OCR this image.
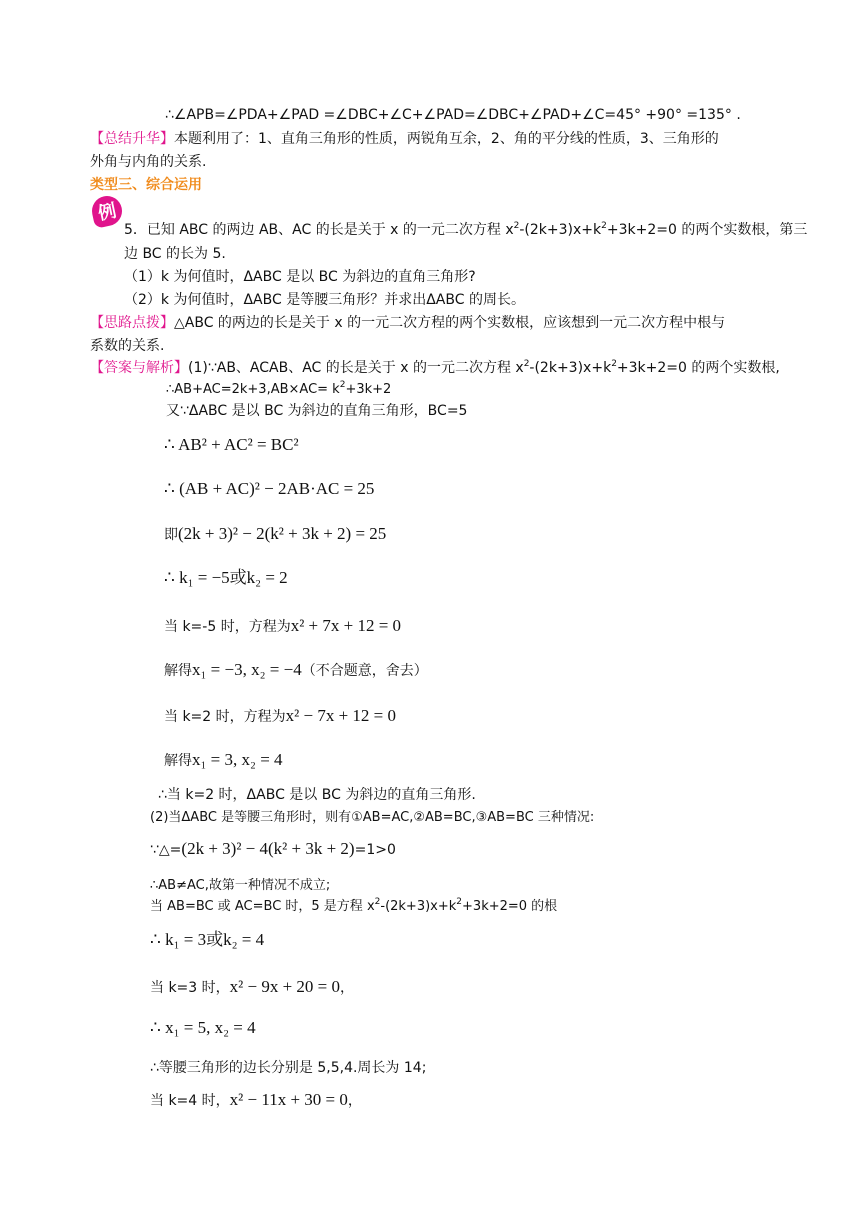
∴∠APB=∠PDA+∠PAD =∠DBC+∠C+∠PAD=∠DBC+∠PAD+∠C=45° +90° =135° .
【总结升华】本题利用了：1、直角三角形的性质，两锐角互余，2、角的平分线的性质，3、三角形的
外角与内角的关系.
类型三、综合运用
例
5．已知 ABC 的两边 AB、AC 的长是关于 x 的一元二次方程 $x^2-(2k+3)x+k^2+3k+2=0$ 的两个实数根，第三
边 BC 的长为 5.
（1）k 为何值时，ΔABC 是以 BC 为斜边的直角三角形?
（2）k 为何值时，ΔABC 是等腰三角形？并求出ΔABC 的周长。
【思路点拨】△ABC 的两边的长是关于 x 的一元二次方程的两个实数根，应该想到一元二次方程中根与
系数的关系.
【答案与解析】(1)∵AB、ACAB、AC 的长是关于 x 的一元二次方程 $x^2-(2k+3)x+k^2+3k+2=0$ 的两个实数根,
∴AB+AC=2k+3,AB×AC= $k^2+3k+2$
又∵ΔABC 是以 BC 为斜边的直角三角形，BC=5
∴ AB² + AC² = BC²
∴ (AB + AC)² − 2AB·AC = 25
即(2k + 3)² − 2(k² + 3k + 2) = 25
∴ k₁ = −5或k₂ = 2
当 k=-5 时，方程为x² + 7x + 12 = 0
解得x₁ = −3, x₂ = −4（不合题意，舍去）
当 k=2 时，方程为x² − 7x + 12 = 0
解得x₁ = 3, x₂ = 4
∴当 k=2 时，ΔABC 是以 BC 为斜边的直角三角形.
(2)当ΔABC 是等腰三角形时，则有①AB=AC,②AB=BC,③AB=BC 三种情况:
∵△=(2k + 3)² − 4(k² + 3k + 2)=1>0
∴AB≠AC,故第一种情况不成立;
当 AB=BC 或 AC=BC 时，5 是方程 $x^2-(2k+3)x+k^2+3k+2=0$ 的根
∴ k₁ = 3或k₂ = 4
当 k=3 时，x² − 9x + 20 = 0，
∴ x₁ = 5, x₂ = 4
∴等腰三角形的边长分别是 5,5,4.周长为 14;
当 k=4 时，x² − 11x + 30 = 0，
